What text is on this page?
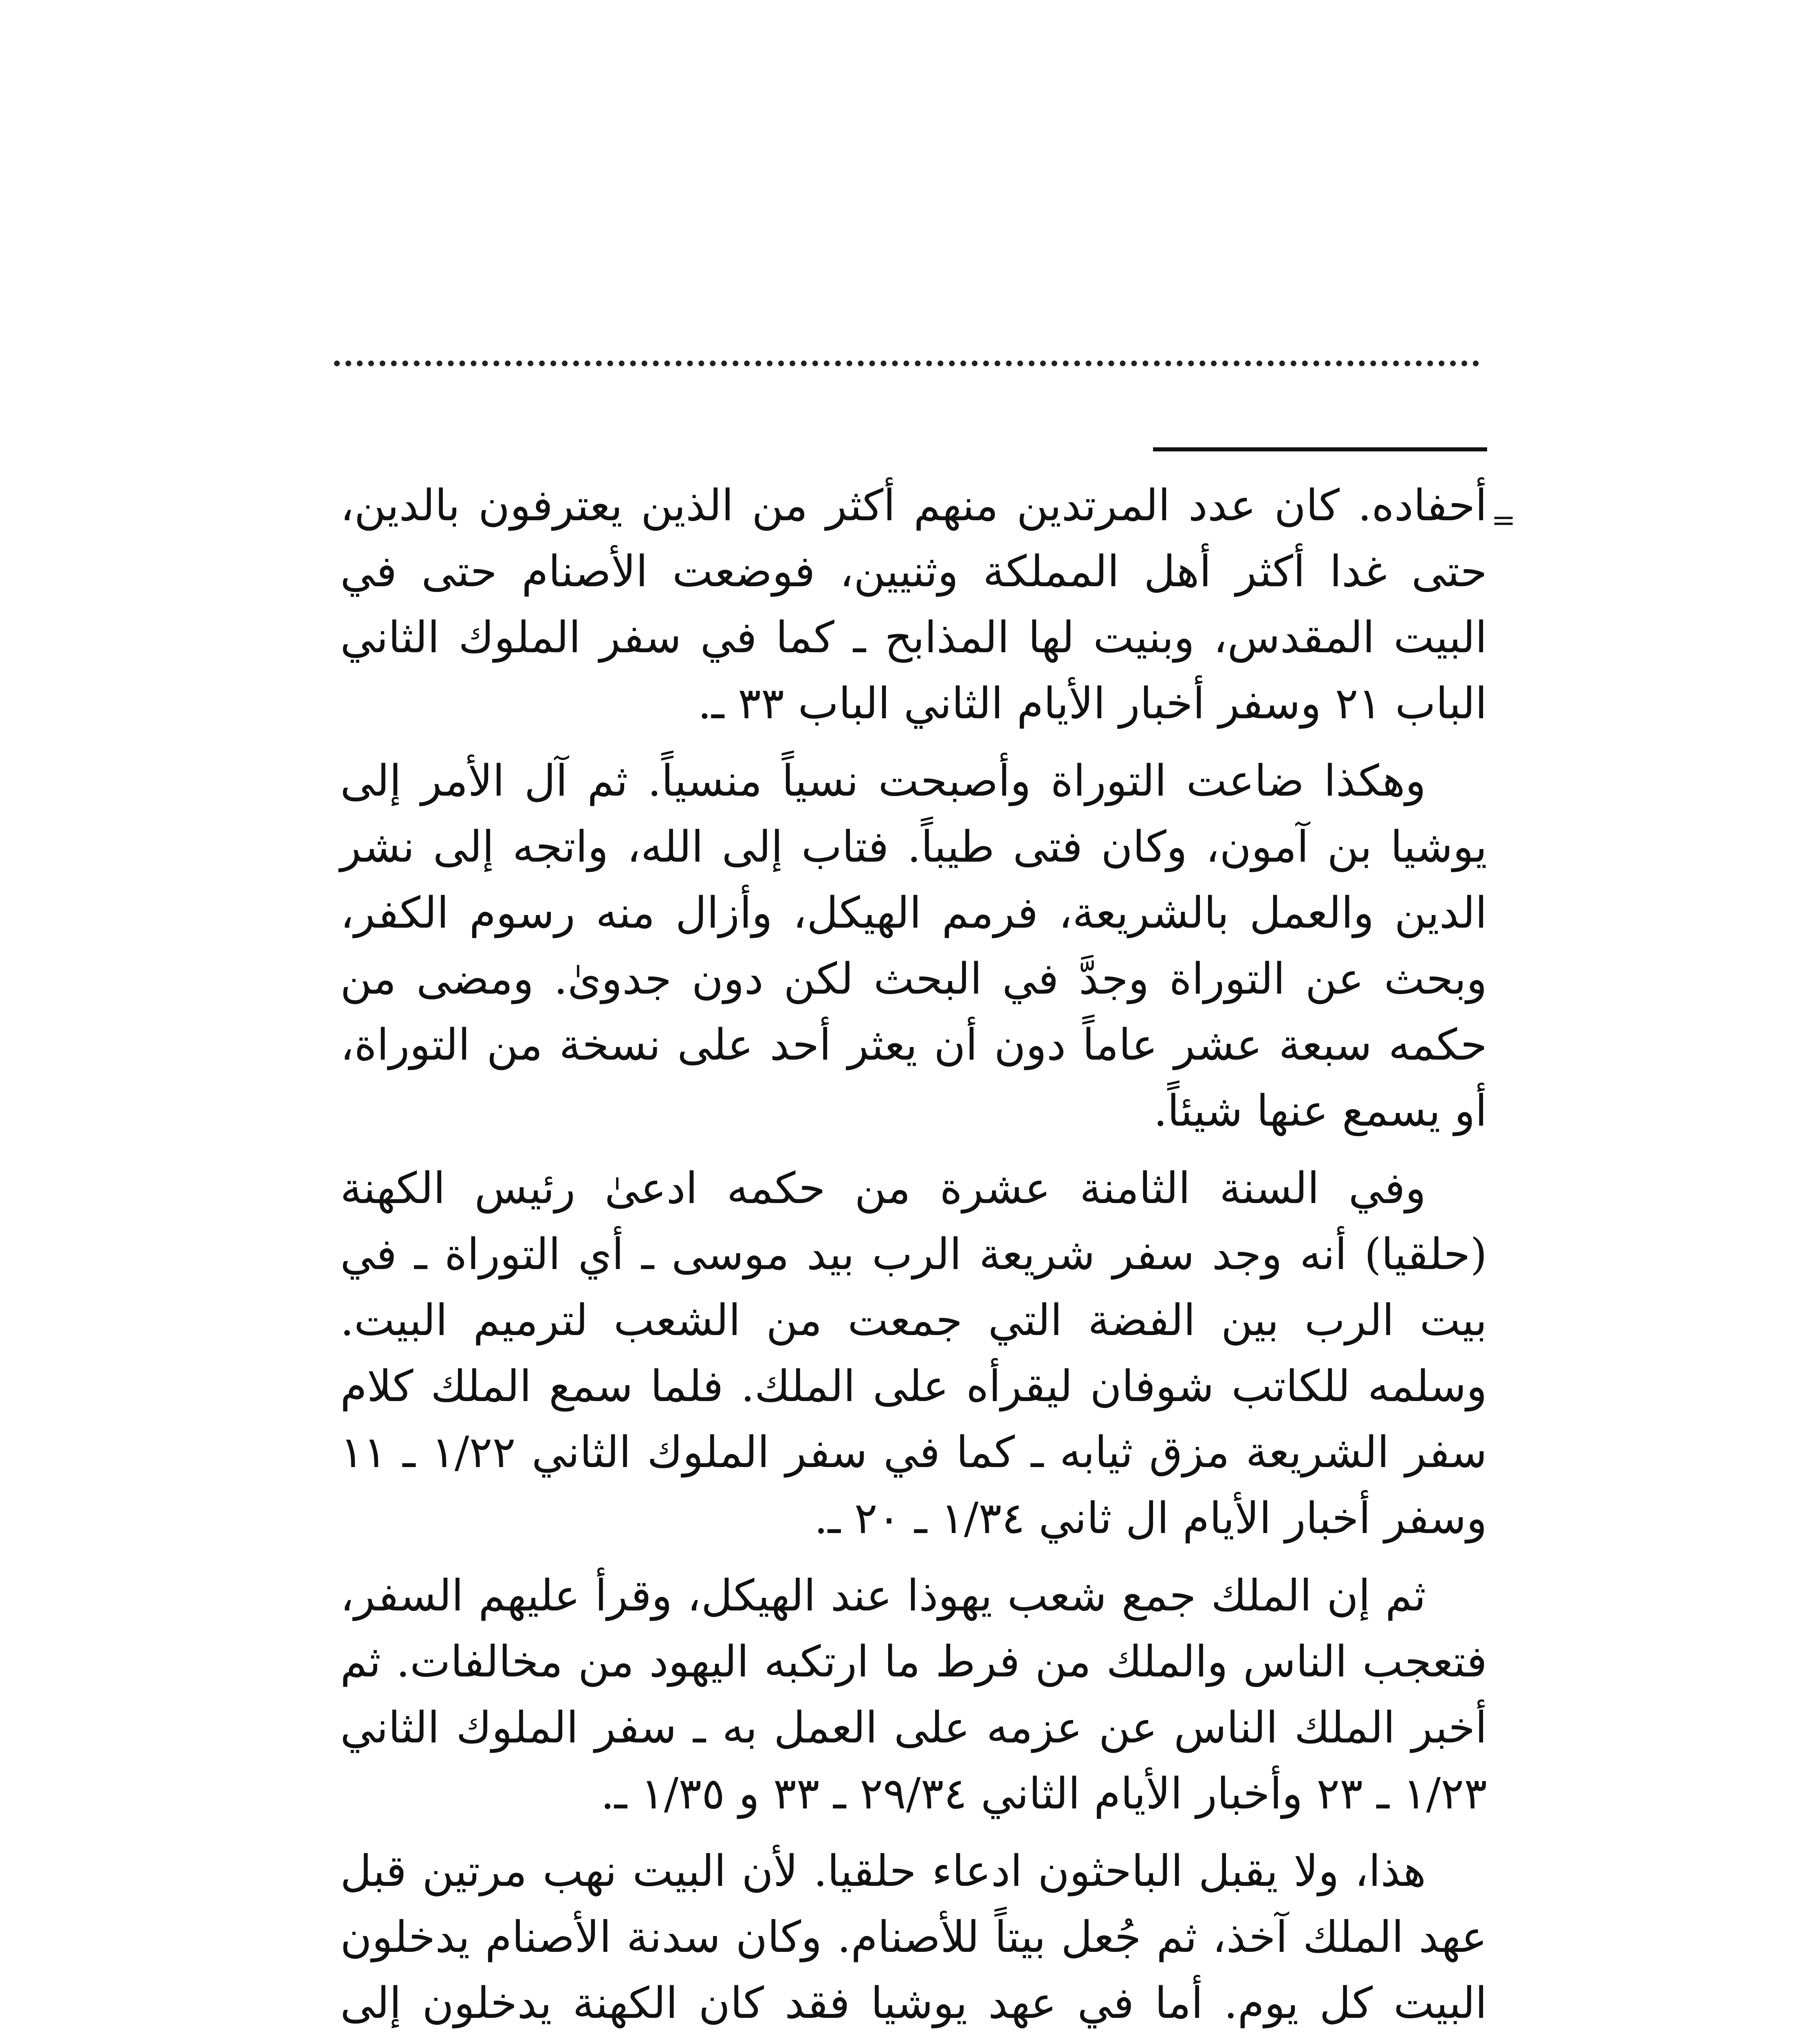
=

أحفاده. كان عدد المرتدين منهم أكثر من الذين يعترفون بالدين، حتى غدا أكثر أهل المملكة وثنيين، فوضعت الأصنام حتى في البيت المقدس، وبنيت لها المذابح ـ كما في سفر الملوك الثاني الباب ٢١ وسفر أخبار الأيام الثاني الباب ٣٣ ـ.

وهكذا ضاعت التوراة وأصبحت نسياً منسياً. ثم آل الأمر إلى يوشيا بن آمون، وكان فتى طيباً. فتاب إلى الله، واتجه إلى نشر الدين والعمل بالشريعة، فرمم الهيكل، وأزال منه رسوم الكفر، وبحث عن التوراة وجدَّ في البحث لكن دون جدوىٰ. ومضى من حكمه سبعة عشر عاماً دون أن يعثر أحد على نسخة من التوراة، أو يسمع عنها شيئاً.

وفي السنة الثامنة عشرة من حكمه ادعىٰ رئيس الكهنة (حلقيا) أنه وجد سفر شريعة الرب بيد موسى ـ أي التوراة ـ في بيت الرب بين الفضة التي جمعت من الشعب لترميم البيت. وسلمه للكاتب شوفان ليقرأه على الملك. فلما سمع الملك كلام سفر الشريعة مزق ثيابه ـ كما في سفر الملوك الثاني ١/٢٢ ـ ١١ وسفر أخبار الأيام ال ثاني ١/٣٤ ـ ٢٠ ـ.

ثم إن الملك جمع شعب يهوذا عند الهيكل، وقرأ عليهم السفر، فتعجب الناس والملك من فرط ما ارتكبه اليهود من مخالفات. ثم أخبر الملك الناس عن عزمه على العمل به ـ سفر الملوك الثاني ١/٢٣ ـ ٢٣ وأخبار الأيام الثاني ٢٩/٣٤ ـ ٣٣ و ١/٣٥ ـ.

هذا، ولا يقبل الباحثون ادعاء حلقيا. لأن البيت نهب مرتين قبل عهد الملك آخذ، ثم جُعل بيتاً للأصنام. وكان سدنة الأصنام يدخلون البيت كل يوم. أما في عهد يوشيا فقد كان الكهنة يدخلون إلى
